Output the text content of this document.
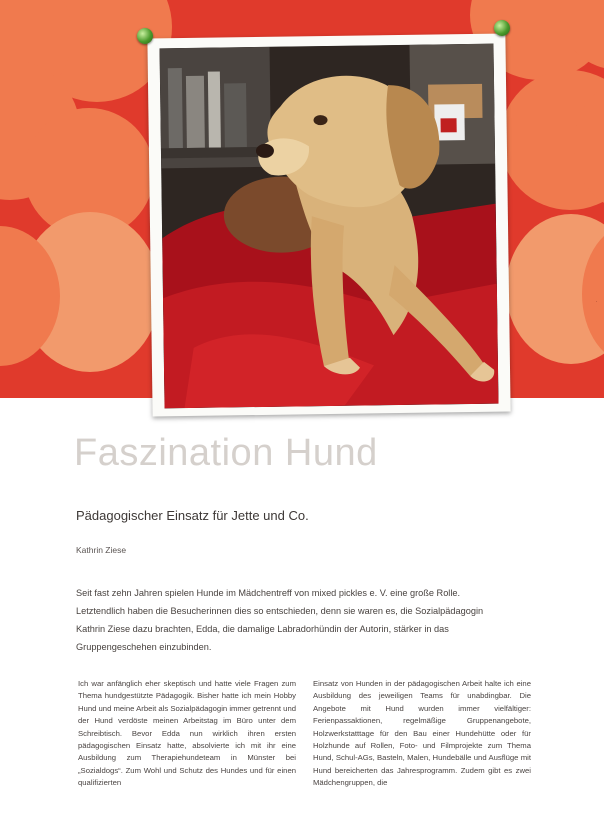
·
Faszination Hund
Pädagogischer Einsatz für Jette und Co.
Kathrin Ziese

Seit fast zehn Jahren spielen Hunde im Mädchentreff von mixed pickles e. V. eine große Rolle. Letztendlich haben die Besucherinnen dies so entschieden, denn sie waren es, die Sozialpädagogin Kathrin Ziese dazu brachten, Edda, die damalige Labradorhündin der Autorin, stärker in das Gruppengeschehen einzubinden.

Ich war anfänglich eher skeptisch und hatte viele Fragen zum Thema hundgestützte Pädagogik. Bisher hatte ich mein Hobby Hund und meine Arbeit als Sozialpädagogin immer getrennt und der Hund verdöste meinen Arbeitstag im Büro unter dem Schreibtisch. Bevor Edda nun wirklich ihren ersten pädagogischen Einsatz hatte, absolvierte ich mit ihr eine Ausbildung zum Therapiehundeteam in Münster bei „Sozialdogs“. Zum Wohl und Schutz des Hundes und für einen qualifizierten

Einsatz von Hunden in der pädagogischen Arbeit halte ich eine Ausbildung des jeweiligen Teams für unabdingbar. Die Angebote mit Hund wurden immer vielfältiger: Ferienpassaktionen, regelmäßige Gruppenangebote, Holzwerkstatttage für den Bau einer Hundehütte oder für Holzhunde auf Rollen, Foto- und Filmprojekte zum Thema Hund, Schul-AGs, Basteln, Malen, Hundebälle und Ausflüge mit Hund bereicherten das Jahresprogramm. Zudem gibt es zwei Mädchengruppen, die
